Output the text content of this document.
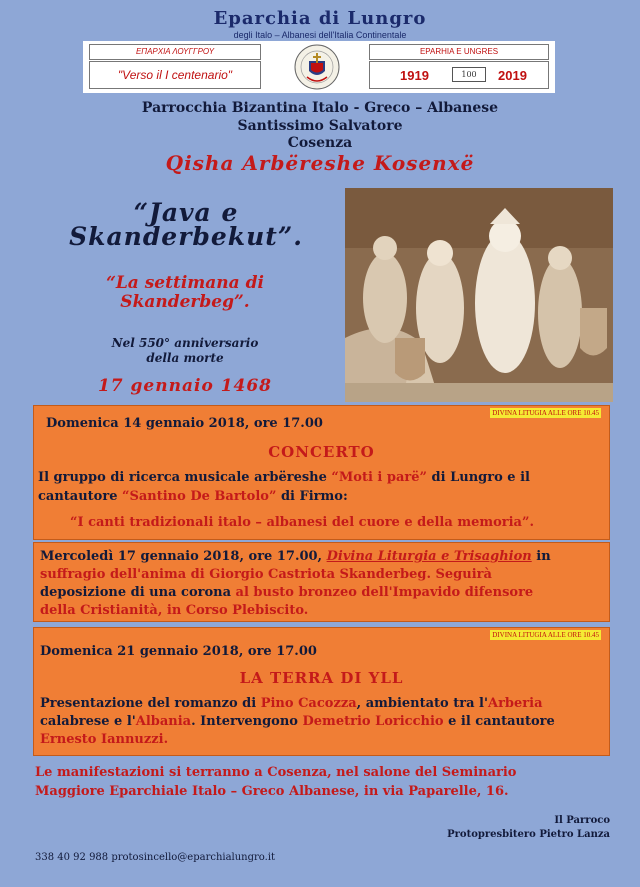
Eparchia di Lungro
degli Italo – Albanesi dell'Italia Continentale
ΕΠΑΡΧΙΑ ΛΟΥΓΓΡΟΥ
"Verso il I centenario"
EPARHIA E UNGRES
1919	100	2019
Parrocchia Bizantina Italo - Greco – Albanese
Santissimo Salvatore
Cosenza
Qisha Arbëreshe Kosenxë
“Java e
Skanderbekut”.
“La settimana di
Skanderbeg”.
Nel 550° anniversario
della morte
17 gennaio 1468
DIVINA LITUGIA ALLE ORE 10.45
Domenica 14 gennaio 2018, ore 17.00
CONCERTO
Il gruppo di ricerca musicale arbëreshe “Moti i parë” di Lungro e il
cantautore “Santino De Bartolo” di Firmo:
“I canti tradizionali italo – albanesi del cuore e della memoria”.
Mercoledì 17 gennaio 2018, ore 17.00, Divina Liturgia e Trisaghion in
suffragio dell'anima di Giorgio Castriota Skanderbeg. Seguirà
deposizione di una corona al busto bronzeo dell'Impavido difensore
della Cristianità, in Corso Plebiscito.
DIVINA LITUGIA ALLE ORE 10.45
Domenica 21 gennaio 2018, ore 17.00
LA TERRA DI YLL
Presentazione del romanzo di Pino Cacozza, ambientato tra l'Arberia
calabrese e l'Albania. Intervengono Demetrio Loricchio e il cantautore
Ernesto Iannuzzi.
Le manifestazioni si terranno a Cosenza, nel salone del Seminario
Maggiore Eparchiale Italo – Greco Albanese, in via Paparelle, 16.
Il Parroco
Protopresbitero Pietro Lanza
338 40 92 988 protosincello@eparchialungro.it
